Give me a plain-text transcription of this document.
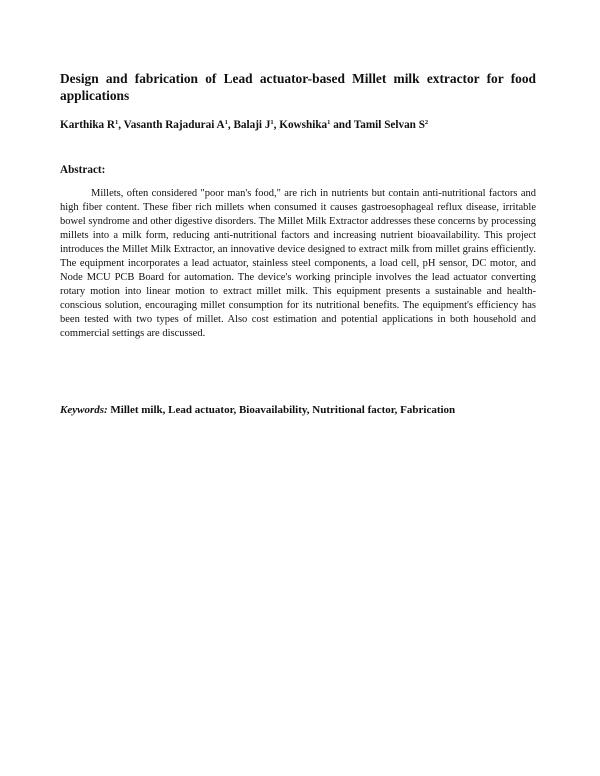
Design and fabrication of Lead actuator-based Millet milk extractor for food applications

Karthika $R^1$, Vasanth Rajadurai $A^1$, Balaji $J^1$, Kowshika$^1$ and Tamil Selvan $S^2$

Abstract:

Millets, often considered "poor man's food," are rich in nutrients but contain anti-nutritional factors and high fiber content. These fiber rich millets when consumed it causes gastroesophageal reflux disease, irritable bowel syndrome and other digestive disorders. The Millet Milk Extractor addresses these concerns by processing millets into a milk form, reducing anti-nutritional factors and increasing nutrient bioavailability. This project introduces the Millet Milk Extractor, an innovative device designed to extract milk from millet grains efficiently. The equipment incorporates a lead actuator, stainless steel components, a load cell, pH sensor, DC motor, and Node MCU PCB Board for automation. The device's working principle involves the lead actuator converting rotary motion into linear motion to extract millet milk. This equipment presents a sustainable and health-conscious solution, encouraging millet consumption for its nutritional benefits. The equipment's efficiency has been tested with two types of millet. Also cost estimation and potential applications in both household and commercial settings are discussed.

Keywords: Millet milk, Lead actuator, Bioavailability, Nutritional factor, Fabrication
